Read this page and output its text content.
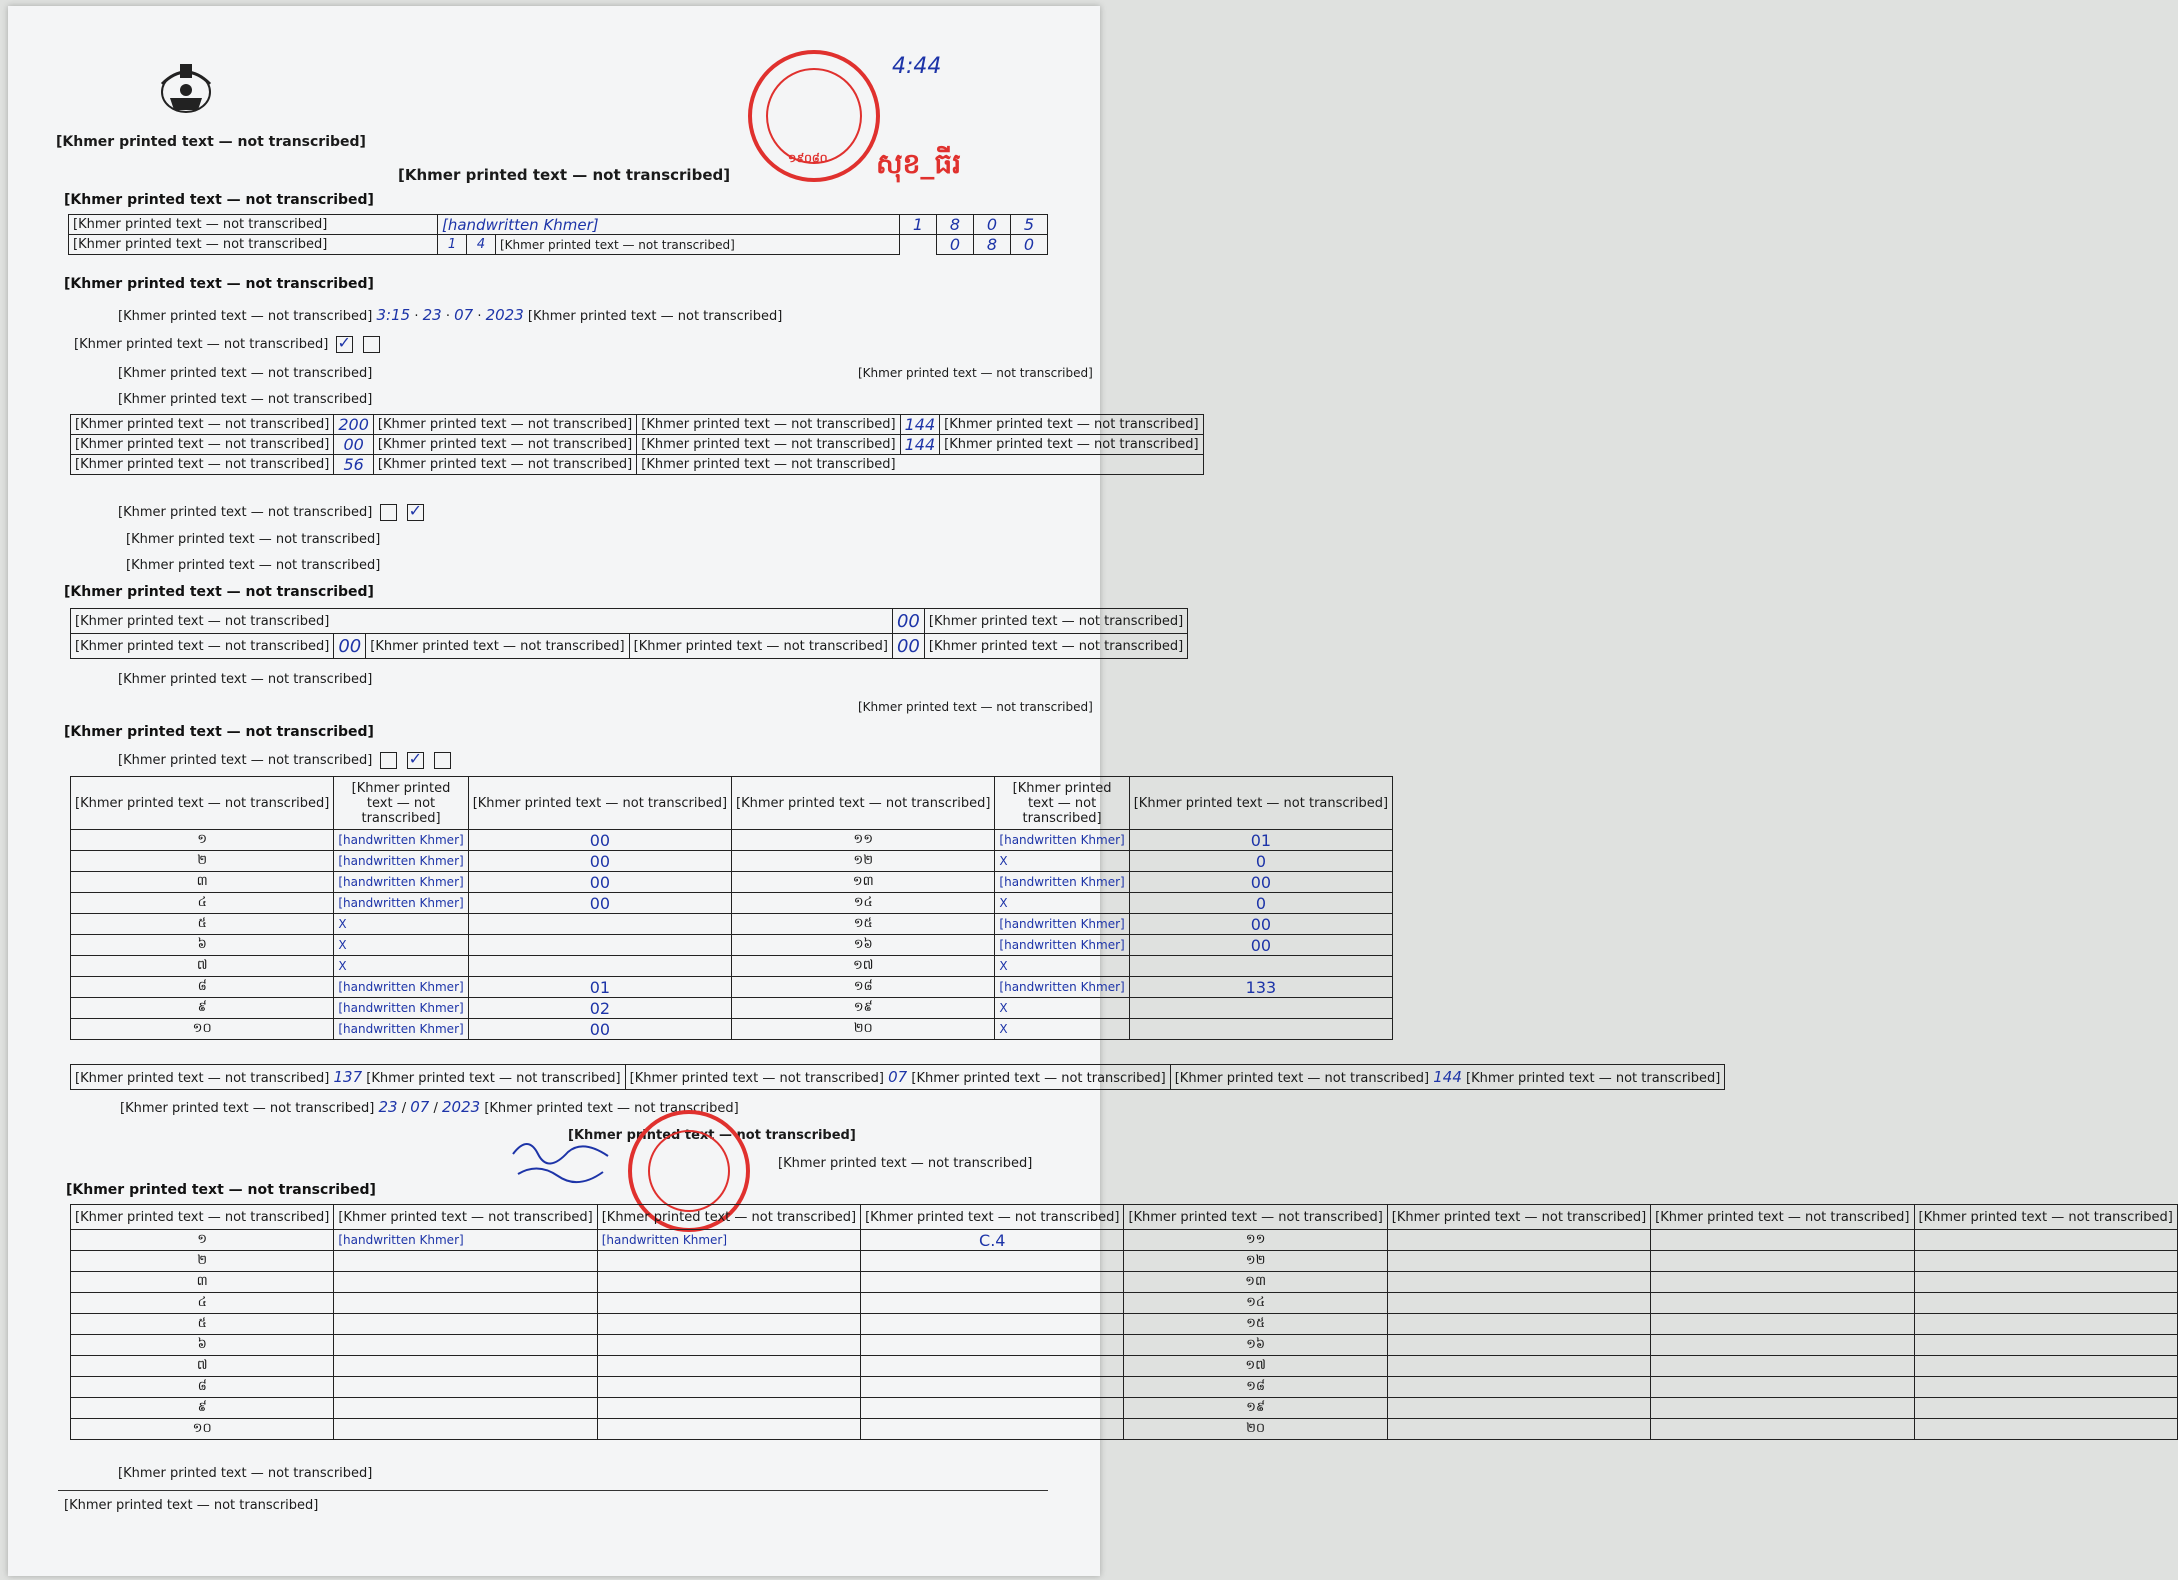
[Khmer printed text — not transcribed]
១៩០៨០
4:44
សុខ_ធីរ
[Khmer printed text — not transcribed]
[Khmer printed text — not transcribed]
[Khmer printed text — not transcribed]	[handwritten Khmer]			1	8	0	5
[Khmer printed text — not transcribed]	1	4	[Khmer printed text — not transcribed]		0	8	0
[Khmer printed text — not transcribed]
[Khmer printed text — not transcribed] 3:15 · 23 · 07 · 2023 [Khmer printed text — not transcribed]
[Khmer printed text — not transcribed] ✓
[Khmer printed text — not transcribed]	[Khmer printed text — not transcribed]
[Khmer printed text — not transcribed]
[Khmer printed text — not transcribed]	200	[Khmer printed text — not transcribed]	[Khmer printed text — not transcribed]	144	[Khmer printed text — not transcribed]
[Khmer printed text — not transcribed]	00	[Khmer printed text — not transcribed]	[Khmer printed text — not transcribed]	144	[Khmer printed text — not transcribed]
[Khmer printed text — not transcribed]	56	[Khmer printed text — not transcribed]	[Khmer printed text — not transcribed]		
[Khmer printed text — not transcribed]  ✓
[Khmer printed text — not transcribed]
[Khmer printed text — not transcribed]
[Khmer printed text — not transcribed]
[Khmer printed text — not transcribed]				00	[Khmer printed text — not transcribed]
[Khmer printed text — not transcribed]	00	[Khmer printed text — not transcribed]	[Khmer printed text — not transcribed]	00	[Khmer printed text — not transcribed]
[Khmer printed text — not transcribed]
[Khmer printed text — not transcribed]
[Khmer printed text — not transcribed]
[Khmer printed text — not transcribed]  ✓
[Khmer printed text — not transcribed]	[Khmer printed text — not transcribed]	[Khmer printed text — not transcribed]	[Khmer printed text — not transcribed]	[Khmer printed text — not transcribed]	[Khmer printed text — not transcribed]
១	[handwritten Khmer]	00	១១	[handwritten Khmer]	01
២	[handwritten Khmer]	00	១២	X	0
៣	[handwritten Khmer]	00	១៣	[handwritten Khmer]	00
៤	[handwritten Khmer]	00	១៤	X	0
៥	X		១៥	[handwritten Khmer]	00
៦	X		១៦	[handwritten Khmer]	00
៧	X		១៧	X	
៨	[handwritten Khmer]	01	១៨	[handwritten Khmer]	133
៩	[handwritten Khmer]	02	១៩	X	
១០	[handwritten Khmer]	00	២០	X	
[Khmer printed text — not transcribed] 137 [Khmer printed text — not transcribed]	[Khmer printed text — not transcribed] 07 [Khmer printed text — not transcribed]	[Khmer printed text — not transcribed] 144 [Khmer printed text — not transcribed]
[Khmer printed text — not transcribed] 23 / 07 / 2023 [Khmer printed text — not transcribed]
[Khmer printed text — not transcribed]
[Khmer printed text — not transcribed]
[Khmer printed text — not transcribed]
[Khmer printed text — not transcribed]	[Khmer printed text — not transcribed]	[Khmer printed text — not transcribed]	[Khmer printed text — not transcribed]	[Khmer printed text — not transcribed]	[Khmer printed text — not transcribed]	[Khmer printed text — not transcribed]	[Khmer printed text — not transcribed]
១	[handwritten Khmer]	[handwritten Khmer]	C.4	១១			
២				១២			
៣				១៣			
៤				១៤			
៥				១៥			
៦				១៦			
៧				១៧			
៨				១៨			
៩				១៩			
១០				២០			
[Khmer printed text — not transcribed]
[Khmer printed text — not transcribed]
